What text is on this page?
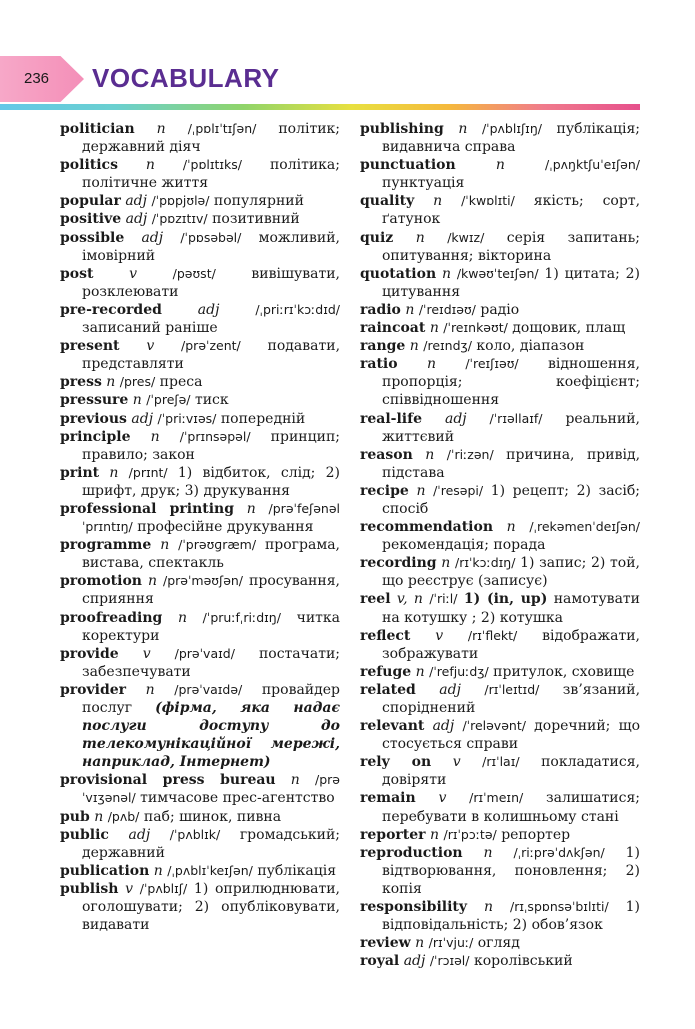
236 VOCABULARY

politician n /ˌpɒlɪˈtɪʃən/ політик; державний діяч

politics n /ˈpɒlɪtɪks/ політика; політичне життя

popular adj /ˈpɒpjʊlə/ популярний

positive adj /ˈpɒzɪtɪv/ позитивний

possible adj /ˈpɒsəbəl/ можливий, імовірний

post	v	/pəʊst/	вивішувати, розклеювати

pre-recorded	adj	/ˌpriːrɪˈkɔːdɪd/ записаний раніше

present v /prəˈzent/ подавати, представляти

press n /pres/ преса

pressure n /ˈpreʃə/ тиск

previous adj /ˈpriːvɪəs/ попередній

principle n /ˈprɪnsəpəl/ принцип; правило; закон

print n /prɪnt/ 1) відбиток, слід; 2) шрифт, друк; 3) друкування

professional printing n /prəˈfeʃənəl ˈprɪntɪŋ/ професійне друкування

programme n /ˈprəʊɡræm/ програма, вистава, спектакль

promotion n /prəˈməʊʃən/ просування, сприяння

proofreading n /ˈpruːfˌriːdɪŋ/ читка коректури

provide v /prəˈvaɪd/ постачати; забезпечувати

provider n /prəˈvaɪdə/ провайдер послуг (фірма, яка надає послуги доступу до телекомунікаційної мережі, наприклад, Інтернет)

provisional press bureau n /prəˈvɪʒənəl/ тимчасове прес-агентство

pub n /pʌb/ паб; шинок, пивна

public adj /ˈpʌblɪk/ громадський; державний

publication n /ˌpʌblɪˈkeɪʃən/ публікація

publish v /ˈpʌblɪʃ/ 1) оприлюднювати, оголошувати; 2) опубліковувати, видавати

publishing n /ˈpʌblɪʃɪŋ/ публікація; видавнича справа

punctuation	n	/ˌpʌŋktʃuˈeɪʃən/ пунктуація

quality n /ˈkwɒlɪti/ якість; сорт, ґатунок

quiz n /kwɪz/ серія запитань; опитування; вікторина

quotation n /kwəʊˈteɪʃən/ 1) цитата; 2) цитування

radio n /ˈreɪdɪəʊ/ радіо

raincoat n /ˈreɪnkəʊt/ дощовик, плащ

range n /reɪndʒ/ коло, діапазон

ratio n /ˈreɪʃɪəʊ/ відношення, пропорція; коефіцієнт; співвідношення

real-life adj /ˈrɪəllaɪf/ реальний, життєвий

reason n /ˈriːzən/ причина, привід, підстава

recipe n /ˈresəpi/ 1) рецепт; 2) засіб; спосіб

recommendation n /ˌrekəmenˈdeɪʃən/ рекомендація; порада

recording n /rɪˈkɔːdɪŋ/ 1) запис; 2) той, що реєструє (записує)

reel v, n /ˈriːl/ 1) (in, up) намотувати на котушку ; 2) котушка

reflect v /rɪˈflekt/ відображати, зображувати

refuge n /ˈrefjuːdʒ/ притулок, сховище

related adj /rɪˈleɪtɪd/ зв’язаний, споріднений

relevant adj /ˈreləvənt/ доречний; що стосується справи

rely on v /rɪˈlaɪ/ покладатися, довіряти

remain v /rɪˈmeɪn/ залишатися; перебувати в колишньому стані

reporter n /rɪˈpɔːtə/ репортер

reproduction n /ˌriːprəˈdʌkʃən/ 1) відтворювання, поновлення; 2) копія

responsibility n /rɪˌspɒnsəˈbɪlɪti/ 1) відповідальність; 2) обов’язок

review n /rɪˈvjuː/ огляд

royal adj /ˈrɔɪəl/ королівський
